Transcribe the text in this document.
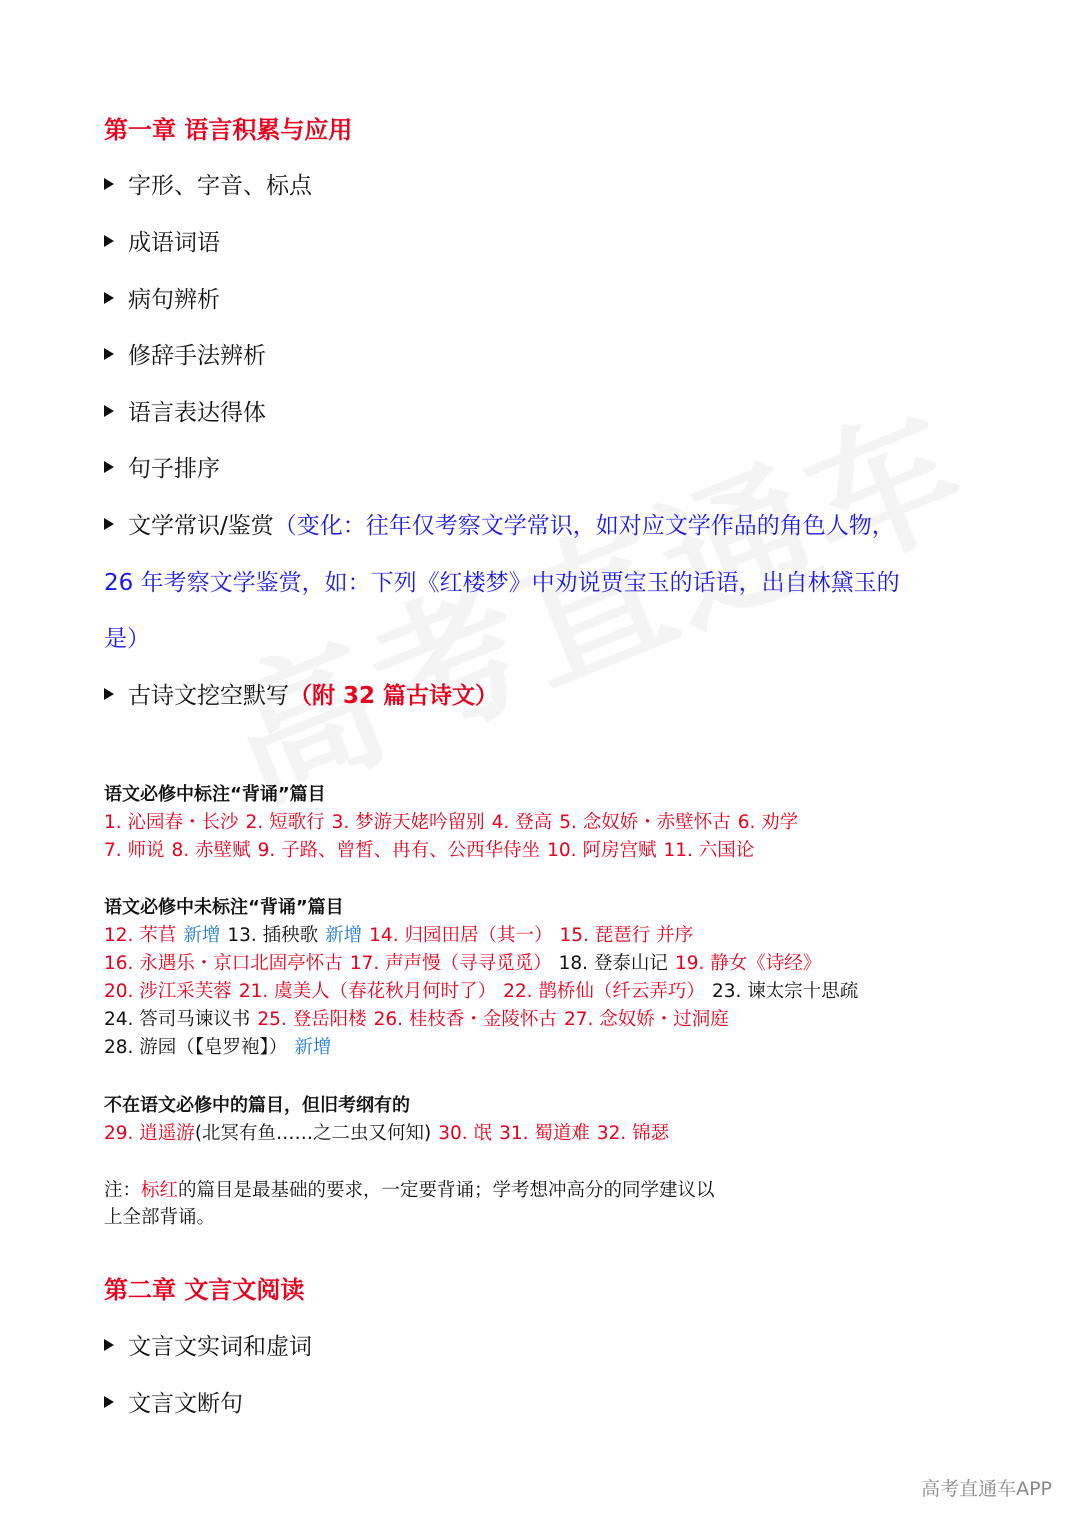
第一章 语言积累与应用
字形、字音、标点
成语词语
病句辨析
修辞手法辨析
语言表达得体
句子排序
文学常识/鉴赏（变化：往年仅考察文学常识，如对应文学作品的角色人物，
26 年考察文学鉴赏，如：下列《红楼梦》中劝说贾宝玉的话语，出自林黛玉的
是）
古诗文挖空默写（附 32 篇古诗文）
语文必修中标注“背诵”篇目
1. 沁园春・长沙 2. 短歌行 3. 梦游天姥吟留别 4. 登高 5. 念奴娇・赤壁怀古 6. 劝学
7. 师说 8. 赤壁赋 9. 子路、曾皙、冉有、公西华侍坐 10. 阿房宫赋 11. 六国论
语文必修中未标注“背诵”篇目
12. 芣苢 新增 13. 插秧歌 新增 14. 归园田居（其一） 15. 琵琶行 并序
16. 永遇乐・京口北固亭怀古 17. 声声慢（寻寻觅觅） 18. 登泰山记 19. 静女《诗经》
20. 涉江采芙蓉 21. 虞美人（春花秋月何时了） 22. 鹊桥仙（纤云弄巧） 23. 谏太宗十思疏
24. 答司马谏议书 25. 登岳阳楼 26. 桂枝香・金陵怀古 27. 念奴娇・过洞庭
28. 游园（【皂罗袍】） 新增
不在语文必修中的篇目，但旧考纲有的
29. 逍遥游(北冥有鱼……之二虫又何知) 30. 氓 31. 蜀道难 32. 锦瑟
注：标红的篇目是最基础的要求，一定要背诵；学考想冲高分的同学建议以
上全部背诵。
第二章 文言文阅读
文言文实词和虚词
文言文断句
高考直通车APP
